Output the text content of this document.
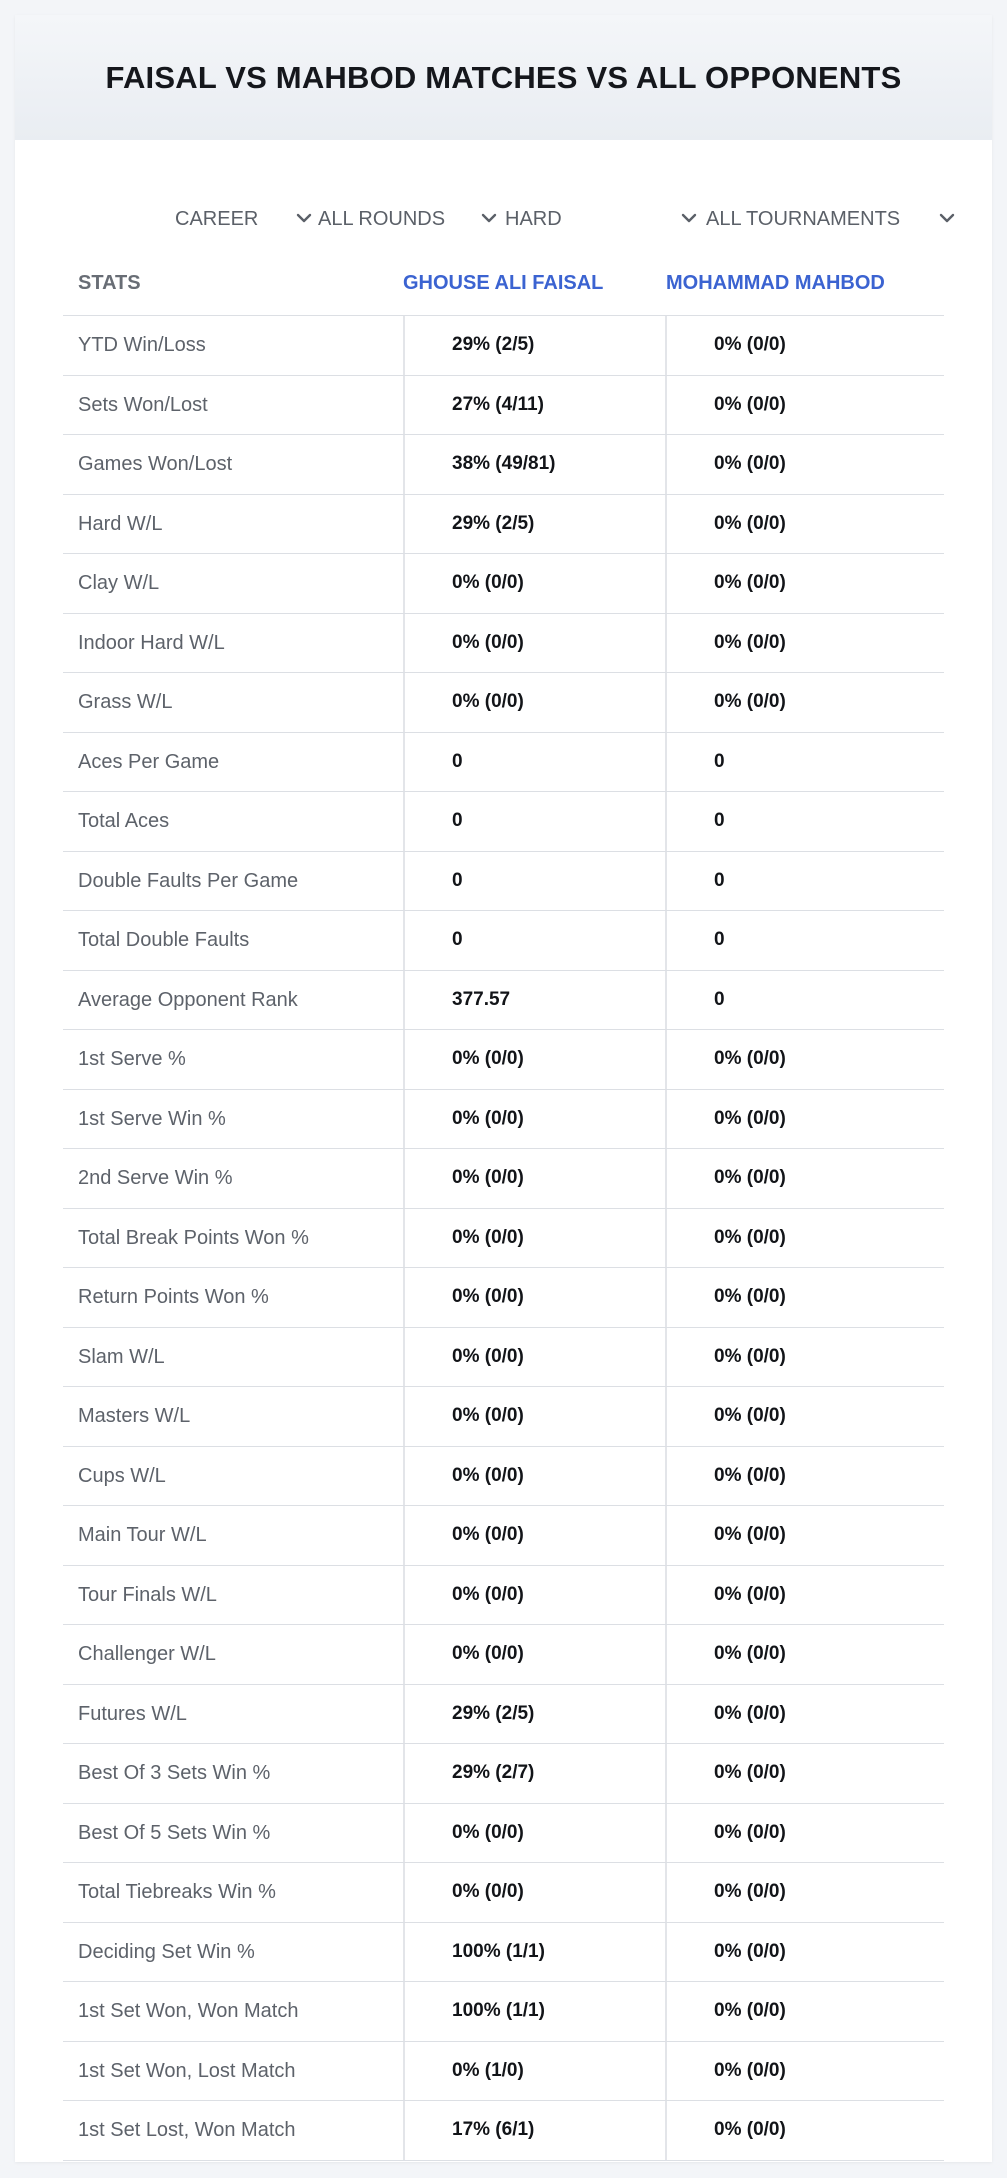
FAISAL VS MAHBOD MATCHES VS ALL OPPONENTS
CAREER	ALL ROUNDS	HARD	ALL TOURNAMENTS
STATS	GHOUSE ALI FAISAL	MOHAMMAD MAHBOD
YTD Win/Loss	29% (2/5)	0% (0/0)
Sets Won/Lost	27% (4/11)	0% (0/0)
Games Won/Lost	38% (49/81)	0% (0/0)
Hard W/L	29% (2/5)	0% (0/0)
Clay W/L	0% (0/0)	0% (0/0)
Indoor Hard W/L	0% (0/0)	0% (0/0)
Grass W/L	0% (0/0)	0% (0/0)
Aces Per Game	0	0
Total Aces	0	0
Double Faults Per Game	0	0
Total Double Faults	0	0
Average Opponent Rank	377.57	0
1st Serve %	0% (0/0)	0% (0/0)
1st Serve Win %	0% (0/0)	0% (0/0)
2nd Serve Win %	0% (0/0)	0% (0/0)
Total Break Points Won %	0% (0/0)	0% (0/0)
Return Points Won %	0% (0/0)	0% (0/0)
Slam W/L	0% (0/0)	0% (0/0)
Masters W/L	0% (0/0)	0% (0/0)
Cups W/L	0% (0/0)	0% (0/0)
Main Tour W/L	0% (0/0)	0% (0/0)
Tour Finals W/L	0% (0/0)	0% (0/0)
Challenger W/L	0% (0/0)	0% (0/0)
Futures W/L	29% (2/5)	0% (0/0)
Best Of 3 Sets Win %	29% (2/7)	0% (0/0)
Best Of 5 Sets Win %	0% (0/0)	0% (0/0)
Total Tiebreaks Win %	0% (0/0)	0% (0/0)
Deciding Set Win %	100% (1/1)	0% (0/0)
1st Set Won, Won Match	100% (1/1)	0% (0/0)
1st Set Won, Lost Match	0% (1/0)	0% (0/0)
1st Set Lost, Won Match	17% (6/1)	0% (0/0)
